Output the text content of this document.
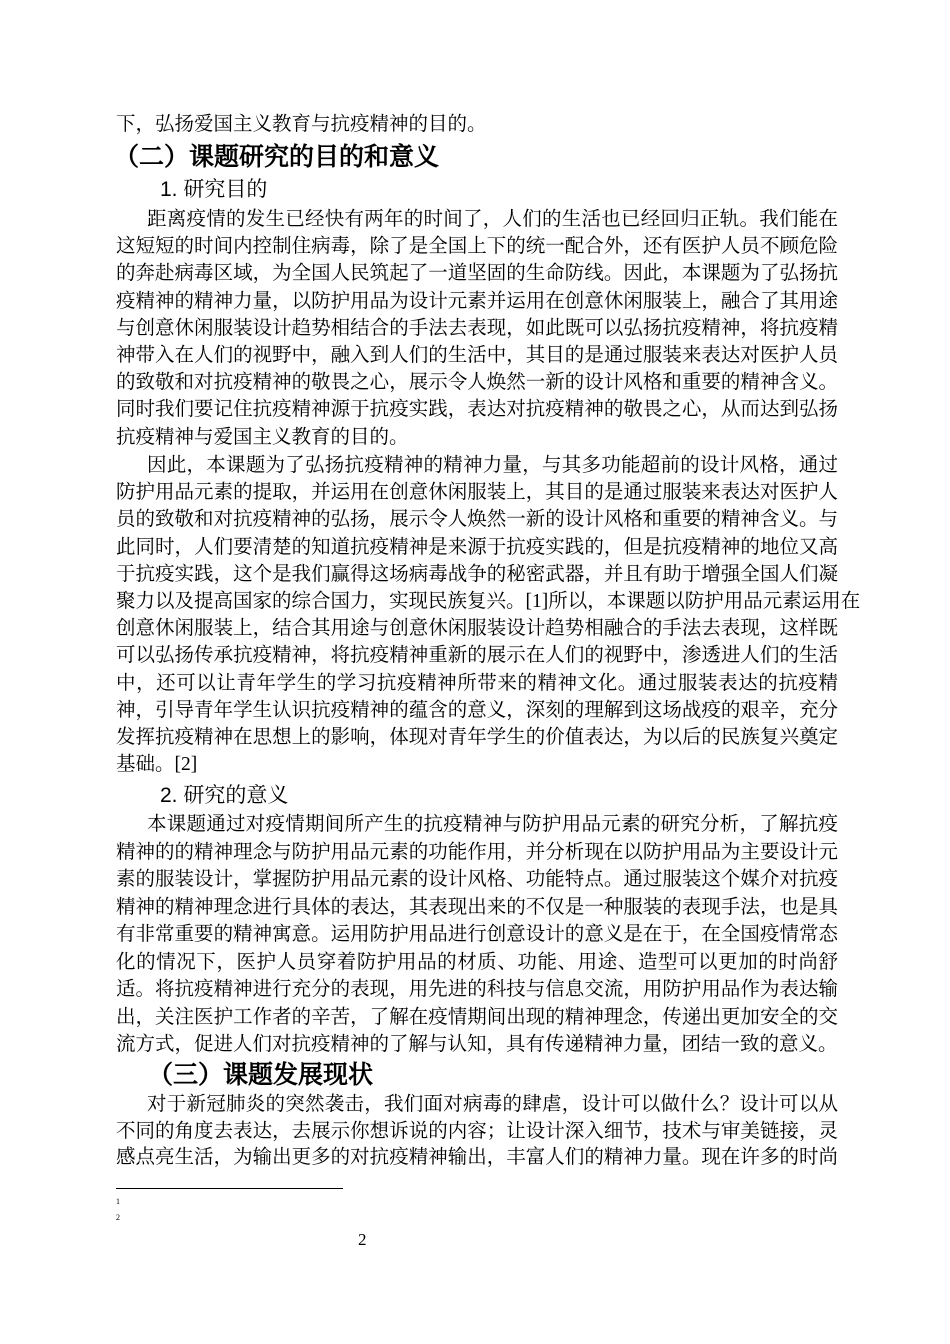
下，弘扬爱国主义教育与抗疫精神的目的。
（二）课题研究的目的和意义
1. 研究目的
距离疫情的发生已经快有两年的时间了，人们的生活也已经回归正轨。我们能在
这短短的时间内控制住病毒，除了是全国上下的统一配合外，还有医护人员不顾危险
的奔赴病毒区域，为全国人民筑起了一道坚固的生命防线。因此，本课题为了弘扬抗
疫精神的精神力量，以防护用品为设计元素并运用在创意休闲服装上，融合了其用途
与创意休闲服装设计趋势相结合的手法去表现，如此既可以弘扬抗疫精神，将抗疫精
神带入在人们的视野中，融入到人们的生活中，其目的是通过服装来表达对医护人员
的致敬和对抗疫精神的敬畏之心，展示令人焕然一新的设计风格和重要的精神含义。
同时我们要记住抗疫精神源于抗疫实践，表达对抗疫精神的敬畏之心，从而达到弘扬
抗疫精神与爱国主义教育的目的。
因此，本课题为了弘扬抗疫精神的精神力量，与其多功能超前的设计风格，通过
防护用品元素的提取，并运用在创意休闲服装上，其目的是通过服装来表达对医护人
员的致敬和对抗疫精神的弘扬，展示令人焕然一新的设计风格和重要的精神含义。与
此同时，人们要清楚的知道抗疫精神是来源于抗疫实践的，但是抗疫精神的地位又高
于抗疫实践，这个是我们赢得这场病毒战争的秘密武器，并且有助于增强全国人们凝
聚力以及提高国家的综合国力，实现民族复兴。[1]所以，本课题以防护用品元素运用在
创意休闲服装上，结合其用途与创意休闲服装设计趋势相融合的手法去表现，这样既
可以弘扬传承抗疫精神，将抗疫精神重新的展示在人们的视野中，渗透进人们的生活
中，还可以让青年学生的学习抗疫精神所带来的精神文化。通过服装表达的抗疫精
神，引导青年学生认识抗疫精神的蕴含的意义，深刻的理解到这场战疫的艰辛，充分
发挥抗疫精神在思想上的影响，体现对青年学生的价值表达，为以后的民族复兴奠定
基础。[2]
2. 研究的意义
本课题通过对疫情期间所产生的抗疫精神与防护用品元素的研究分析，了解抗疫
精神的的精神理念与防护用品元素的功能作用，并分析现在以防护用品为主要设计元
素的服装设计，掌握防护用品元素的设计风格、功能特点。通过服装这个媒介对抗疫
精神的精神理念进行具体的表达，其表现出来的不仅是一种服装的表现手法，也是具
有非常重要的精神寓意。运用防护用品进行创意设计的意义是在于，在全国疫情常态
化的情况下，医护人员穿着防护用品的材质、功能、用途、造型可以更加的时尚舒
适。将抗疫精神进行充分的表现，用先进的科技与信息交流，用防护用品作为表达输
出，关注医护工作者的辛苦，了解在疫情期间出现的精神理念，传递出更加安全的交
流方式，促进人们对抗疫精神的了解与认知，具有传递精神力量，团结一致的意义。
（三）课题发展现状
对于新冠肺炎的突然袭击，我们面对病毒的肆虐，设计可以做什么？设计可以从
不同的角度去表达，去展示你想诉说的内容；让设计深入细节，技术与审美链接，灵
感点亮生活，为输出更多的对抗疫精神输出，丰富人们的精神力量。现在许多的时尚
1
2
2
